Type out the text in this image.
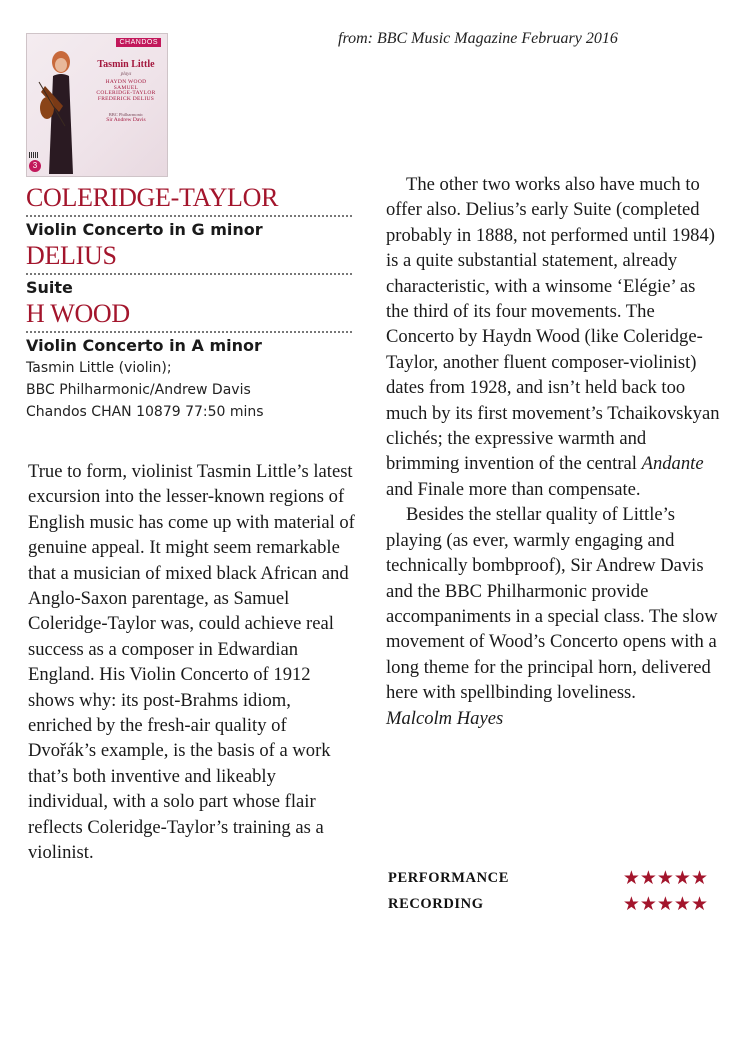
from: BBC Music Magazine February 2016
CHANDOS
Tasmin Little
plays
HAYDN WOOD
SAMUEL
COLERIDGE-TAYLOR
FREDERICK DELIUS
BBC Philharmonic
Sir Andrew Davis
3
COLERIDGE-TAYLOR
Violin Concerto in G minor
DELIUS
Suite
H WOOD
Violin Concerto in A minor
Tasmin Little (violin);
BBC Philharmonic/Andrew Davis
Chandos CHAN 10879 77:50 mins

True to form, violinist Tasmin Little’s latest excursion into the lesser-known regions of English music has come up with material of genuine appeal. It might seem remarkable that a musician of mixed black African and Anglo-Saxon parentage, as Samuel Coleridge-Taylor was, could achieve real success as a composer in Edwardian England. His Violin Concerto of 1912 shows why: its post-Brahms idiom, enriched by the fresh-air quality of Dvořák’s example, is the basis of a work that’s both inventive and likeably individual, with a solo part whose flair reflects Coleridge-Taylor’s training as a violinist.

The other two works also have much to offer also. Delius’s early Suite (completed probably in 1888, not performed until 1984) is a quite substantial statement, already characteristic, with a winsome ‘Elégie’ as the third of its four movements. The Concerto by Haydn Wood (like Coleridge-Taylor, another fluent composer-violinist) dates from 1928, and isn’t held back too much by its first movement’s Tchaikovskyan clichés; the expressive warmth and brimming invention of the central Andante and Finale more than compensate.

Besides the stellar quality of Little’s playing (as ever, warmly engaging and technically bombproof), Sir Andrew Davis and the BBC Philharmonic provide accompaniments in a special class. The slow movement of Wood’s Concerto opens with a long theme for the principal horn, delivered here with spellbinding loveliness.

Malcolm Hayes

PERFORMANCE	★★★★★
RECORDING	★★★★★
